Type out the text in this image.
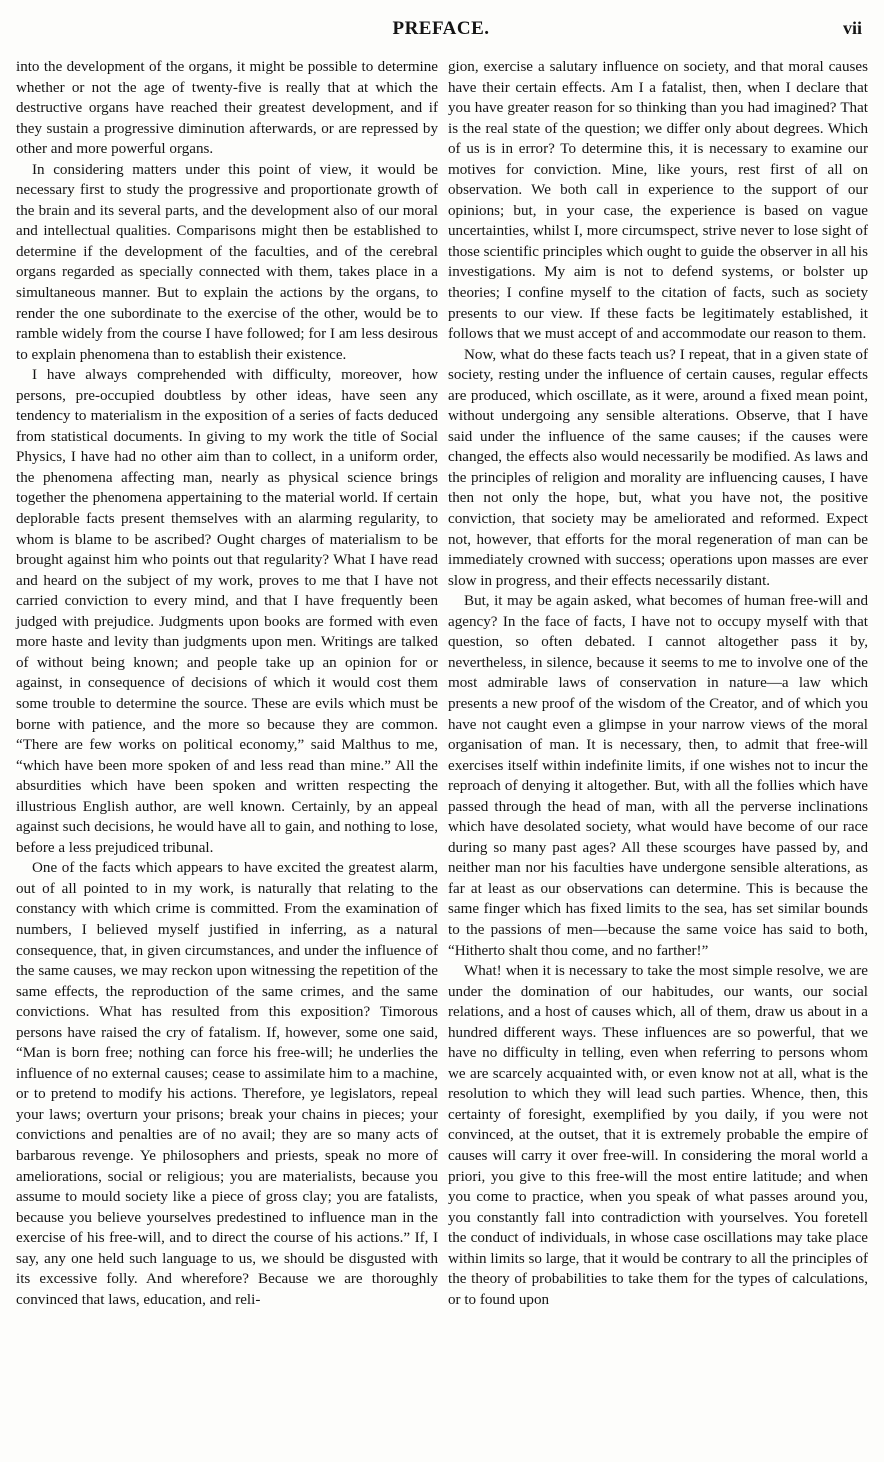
PREFACE.	vii

into the development of the organs, it might be possible to determine whether or not the age of twenty-five is really that at which the destructive organs have reached their greatest development, and if they sustain a progressive diminution afterwards, or are repressed by other and more powerful organs.

In considering matters under this point of view, it would be necessary first to study the progressive and proportionate growth of the brain and its several parts, and the development also of our moral and intellectual qualities. Comparisons might then be established to determine if the development of the faculties, and of the cerebral organs regarded as specially connected with them, takes place in a simultaneous manner. But to explain the actions by the organs, to render the one subordinate to the exercise of the other, would be to ramble widely from the course I have followed; for I am less desirous to explain phenomena than to establish their existence.

I have always comprehended with difficulty, moreover, how persons, pre-occupied doubtless by other ideas, have seen any tendency to materialism in the exposition of a series of facts deduced from statistical documents. In giving to my work the title of Social Physics, I have had no other aim than to collect, in a uniform order, the phenomena affecting man, nearly as physical science brings together the phenomena appertaining to the material world. If certain deplorable facts present themselves with an alarming regularity, to whom is blame to be ascribed? Ought charges of materialism to be brought against him who points out that regularity? What I have read and heard on the subject of my work, proves to me that I have not carried conviction to every mind, and that I have frequently been judged with prejudice. Judgments upon books are formed with even more haste and levity than judgments upon men. Writings are talked of without being known; and people take up an opinion for or against, in consequence of decisions of which it would cost them some trouble to determine the source. These are evils which must be borne with patience, and the more so because they are common. “There are few works on political economy,” said Malthus to me, “which have been more spoken of and less read than mine.” All the absurdities which have been spoken and written respecting the illustrious English author, are well known. Certainly, by an appeal against such decisions, he would have all to gain, and nothing to lose, before a less prejudiced tribunal.

One of the facts which appears to have excited the greatest alarm, out of all pointed to in my work, is naturally that relating to the constancy with which crime is committed. From the examination of numbers, I believed myself justified in inferring, as a natural consequence, that, in given circumstances, and under the influence of the same causes, we may reckon upon witnessing the repetition of the same effects, the reproduction of the same crimes, and the same convictions. What has resulted from this exposition? Timorous persons have raised the cry of fatalism. If, however, some one said, “Man is born free; nothing can force his free-will; he underlies the influence of no external causes; cease to assimilate him to a machine, or to pretend to modify his actions. Therefore, ye legislators, repeal your laws; overturn your prisons; break your chains in pieces; your convictions and penalties are of no avail; they are so many acts of barbarous revenge. Ye philosophers and priests, speak no more of ameliorations, social or religious; you are materialists, because you assume to mould society like a piece of gross clay; you are fatalists, because you believe yourselves predestined to influence man in the exercise of his free-will, and to direct the course of his actions.” If, I say, any one held such language to us, we should be disgusted with its excessive folly. And wherefore? Because we are thoroughly convinced that laws, education, and reli-

gion, exercise a salutary influence on society, and that moral causes have their certain effects. Am I a fatalist, then, when I declare that you have greater reason for so thinking than you had imagined? That is the real state of the question; we differ only about degrees. Which of us is in error? To determine this, it is necessary to examine our motives for conviction. Mine, like yours, rest first of all on observation. We both call in experience to the support of our opinions; but, in your case, the experience is based on vague uncertainties, whilst I, more circumspect, strive never to lose sight of those scientific principles which ought to guide the observer in all his investigations. My aim is not to defend systems, or bolster up theories; I confine myself to the citation of facts, such as society presents to our view. If these facts be legitimately established, it follows that we must accept of and accommodate our reason to them.

Now, what do these facts teach us? I repeat, that in a given state of society, resting under the influence of certain causes, regular effects are produced, which oscillate, as it were, around a fixed mean point, without undergoing any sensible alterations. Observe, that I have said under the influence of the same causes; if the causes were changed, the effects also would necessarily be modified. As laws and the principles of religion and morality are influencing causes, I have then not only the hope, but, what you have not, the positive conviction, that society may be ameliorated and reformed. Expect not, however, that efforts for the moral regeneration of man can be immediately crowned with success; operations upon masses are ever slow in progress, and their effects necessarily distant.

But, it may be again asked, what becomes of human free-will and agency? In the face of facts, I have not to occupy myself with that question, so often debated. I cannot altogether pass it by, nevertheless, in silence, because it seems to me to involve one of the most admirable laws of conservation in nature—a law which presents a new proof of the wisdom of the Creator, and of which you have not caught even a glimpse in your narrow views of the moral organisation of man. It is necessary, then, to admit that free-will exercises itself within indefinite limits, if one wishes not to incur the reproach of denying it altogether. But, with all the follies which have passed through the head of man, with all the perverse inclinations which have desolated society, what would have become of our race during so many past ages? All these scourges have passed by, and neither man nor his faculties have undergone sensible alterations, as far at least as our observations can determine. This is because the same finger which has fixed limits to the sea, has set similar bounds to the passions of men—because the same voice has said to both, “Hitherto shalt thou come, and no farther!”

What! when it is necessary to take the most simple resolve, we are under the domination of our habitudes, our wants, our social relations, and a host of causes which, all of them, draw us about in a hundred different ways. These influences are so powerful, that we have no difficulty in telling, even when referring to persons whom we are scarcely acquainted with, or even know not at all, what is the resolution to which they will lead such parties. Whence, then, this certainty of foresight, exemplified by you daily, if you were not convinced, at the outset, that it is extremely probable the empire of causes will carry it over free-will. In considering the moral world a priori, you give to this free-will the most entire latitude; and when you come to practice, when you speak of what passes around you, you constantly fall into contradiction with yourselves. You foretell the conduct of individuals, in whose case oscillations may take place within limits so large, that it would be contrary to all the principles of the theory of probabilities to take them for the types of calculations, or to found upon
